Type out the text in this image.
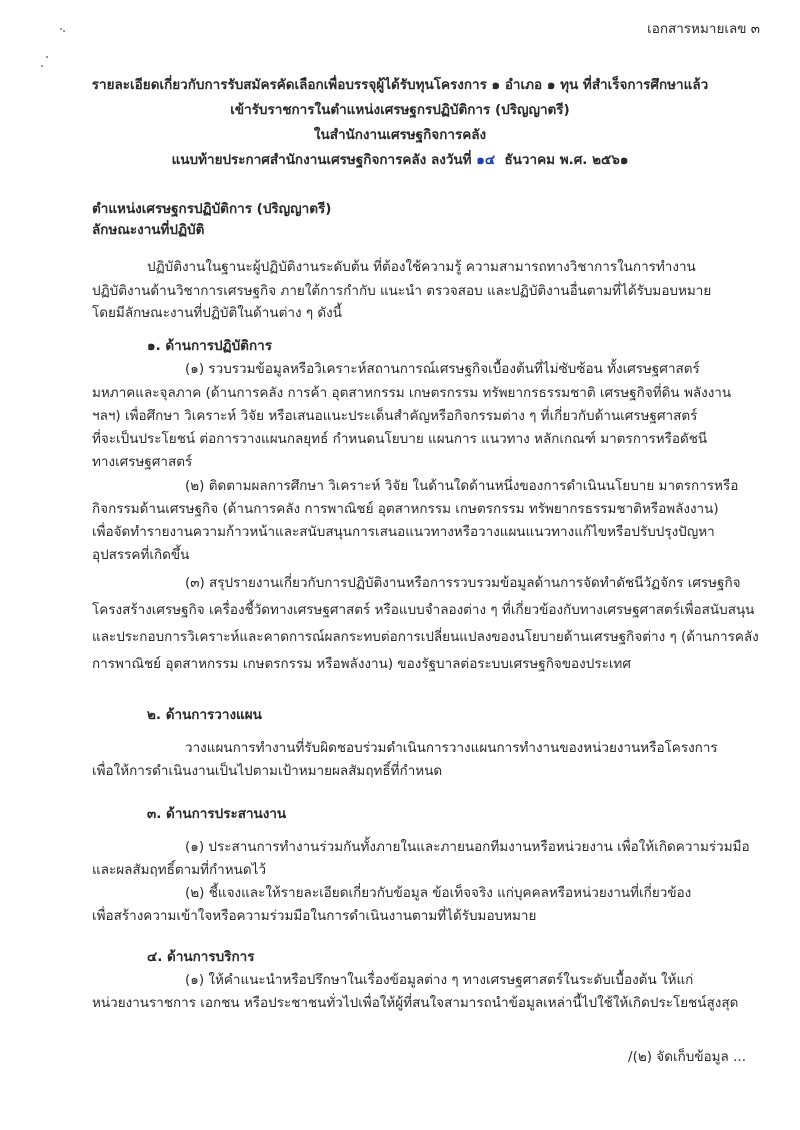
เอกสารหมายเลข ๓
รายละเอียดเกี่ยวกับการรับสมัครคัดเลือกเพื่อบรรจุผู้ได้รับทุนโครงการ ๑ อำเภอ ๑ ทุน ที่สำเร็จการศึกษาแล้ว
เข้ารับราชการในตำแหน่งเศรษฐกรปฏิบัติการ (ปริญญาตรี)
ในสำนักงานเศรษฐกิจการคลัง
แนบท้ายประกาศสำนักงานเศรษฐกิจการคลัง ลงวันที่ ๑๔  ธันวาคม พ.ศ. ๒๕๖๑
ตำแหน่งเศรษฐกรปฏิบัติการ (ปริญญาตรี)
ลักษณะงานที่ปฏิบัติ
ปฏิบัติงานในฐานะผู้ปฏิบัติงานระดับต้น ที่ต้องใช้ความรู้ ความสามารถทางวิชาการในการทำงาน
ปฏิบัติงานด้านวิชาการเศรษฐกิจ ภายใต้การกำกับ แนะนำ ตรวจสอบ และปฏิบัติงานอื่นตามที่ได้รับมอบหมาย
โดยมีลักษณะงานที่ปฏิบัติในด้านต่าง ๆ ดังนี้
๑. ด้านการปฏิบัติการ
(๑) รวบรวมข้อมูลหรือวิเคราะห์สถานการณ์เศรษฐกิจเบื้องต้นที่ไม่ซับซ้อน ทั้งเศรษฐศาสตร์
มหภาคและจุลภาค (ด้านการคลัง การค้า อุตสาหกรรม เกษตรกรรม ทรัพยากรธรรมชาติ เศรษฐกิจที่ดิน พลังงาน
ฯลฯ) เพื่อศึกษา วิเคราะห์ วิจัย หรือเสนอแนะประเด็นสำคัญหรือกิจกรรมต่าง ๆ ที่เกี่ยวกับด้านเศรษฐศาสตร์
ที่จะเป็นประโยชน์ ต่อการวางแผนกลยุทธ์ กำหนดนโยบาย แผนการ แนวทาง หลักเกณฑ์ มาตรการหรือดัชนี
ทางเศรษฐศาสตร์
(๒) ติดตามผลการศึกษา วิเคราะห์ วิจัย ในด้านใดด้านหนึ่งของการดำเนินนโยบาย มาตรการหรือ
กิจกรรมด้านเศรษฐกิจ (ด้านการคลัง การพาณิชย์ อุตสาหกรรม เกษตรกรรม ทรัพยากรธรรมชาติหรือพลังงาน)
เพื่อจัดทำรายงานความก้าวหน้าและสนับสนุนการเสนอแนวทางหรือวางแผนแนวทางแก้ไขหรือปรับปรุงปัญหา
อุปสรรคที่เกิดขึ้น
(๓) สรุปรายงานเกี่ยวกับการปฏิบัติงานหรือการรวบรวมข้อมูลด้านการจัดทำดัชนีวัฏจักร เศรษฐกิจ
โครงสร้างเศรษฐกิจ เครื่องชี้วัดทางเศรษฐศาสตร์ หรือแบบจำลองต่าง ๆ ที่เกี่ยวข้องกับทางเศรษฐศาสตร์เพื่อสนับสนุน
และประกอบการวิเคราะห์และคาดการณ์ผลกระทบต่อการเปลี่ยนแปลงของนโยบายด้านเศรษฐกิจต่าง ๆ (ด้านการคลัง
การพาณิชย์ อุตสาหกรรม เกษตรกรรม หรือพลังงาน) ของรัฐบาลต่อระบบเศรษฐกิจของประเทศ
๒. ด้านการวางแผน
วางแผนการทำงานที่รับผิดชอบร่วมดำเนินการวางแผนการทำงานของหน่วยงานหรือโครงการ
เพื่อให้การดำเนินงานเป็นไปตามเป้าหมายผลสัมฤทธิ์ที่กำหนด
๓. ด้านการประสานงาน
(๑) ประสานการทำงานร่วมกันทั้งภายในและภายนอกทีมงานหรือหน่วยงาน เพื่อให้เกิดความร่วมมือ
และผลสัมฤทธิ์ตามที่กำหนดไว้
(๒) ชี้แจงและให้รายละเอียดเกี่ยวกับข้อมูล ข้อเท็จจริง แก่บุคคลหรือหน่วยงานที่เกี่ยวข้อง
เพื่อสร้างความเข้าใจหรือความร่วมมือในการดำเนินงานตามที่ได้รับมอบหมาย
๔. ด้านการบริการ
(๑) ให้คำแนะนำหรือปรึกษาในเรื่องข้อมูลต่าง ๆ ทางเศรษฐศาสตร์ในระดับเบื้องต้น ให้แก่
หน่วยงานราชการ เอกชน หรือประชาชนทั่วไปเพื่อให้ผู้ที่สนใจสามารถนำข้อมูลเหล่านี้ไปใช้ให้เกิดประโยชน์สูงสุด
/(๒) จัดเก็บข้อมูล ...
